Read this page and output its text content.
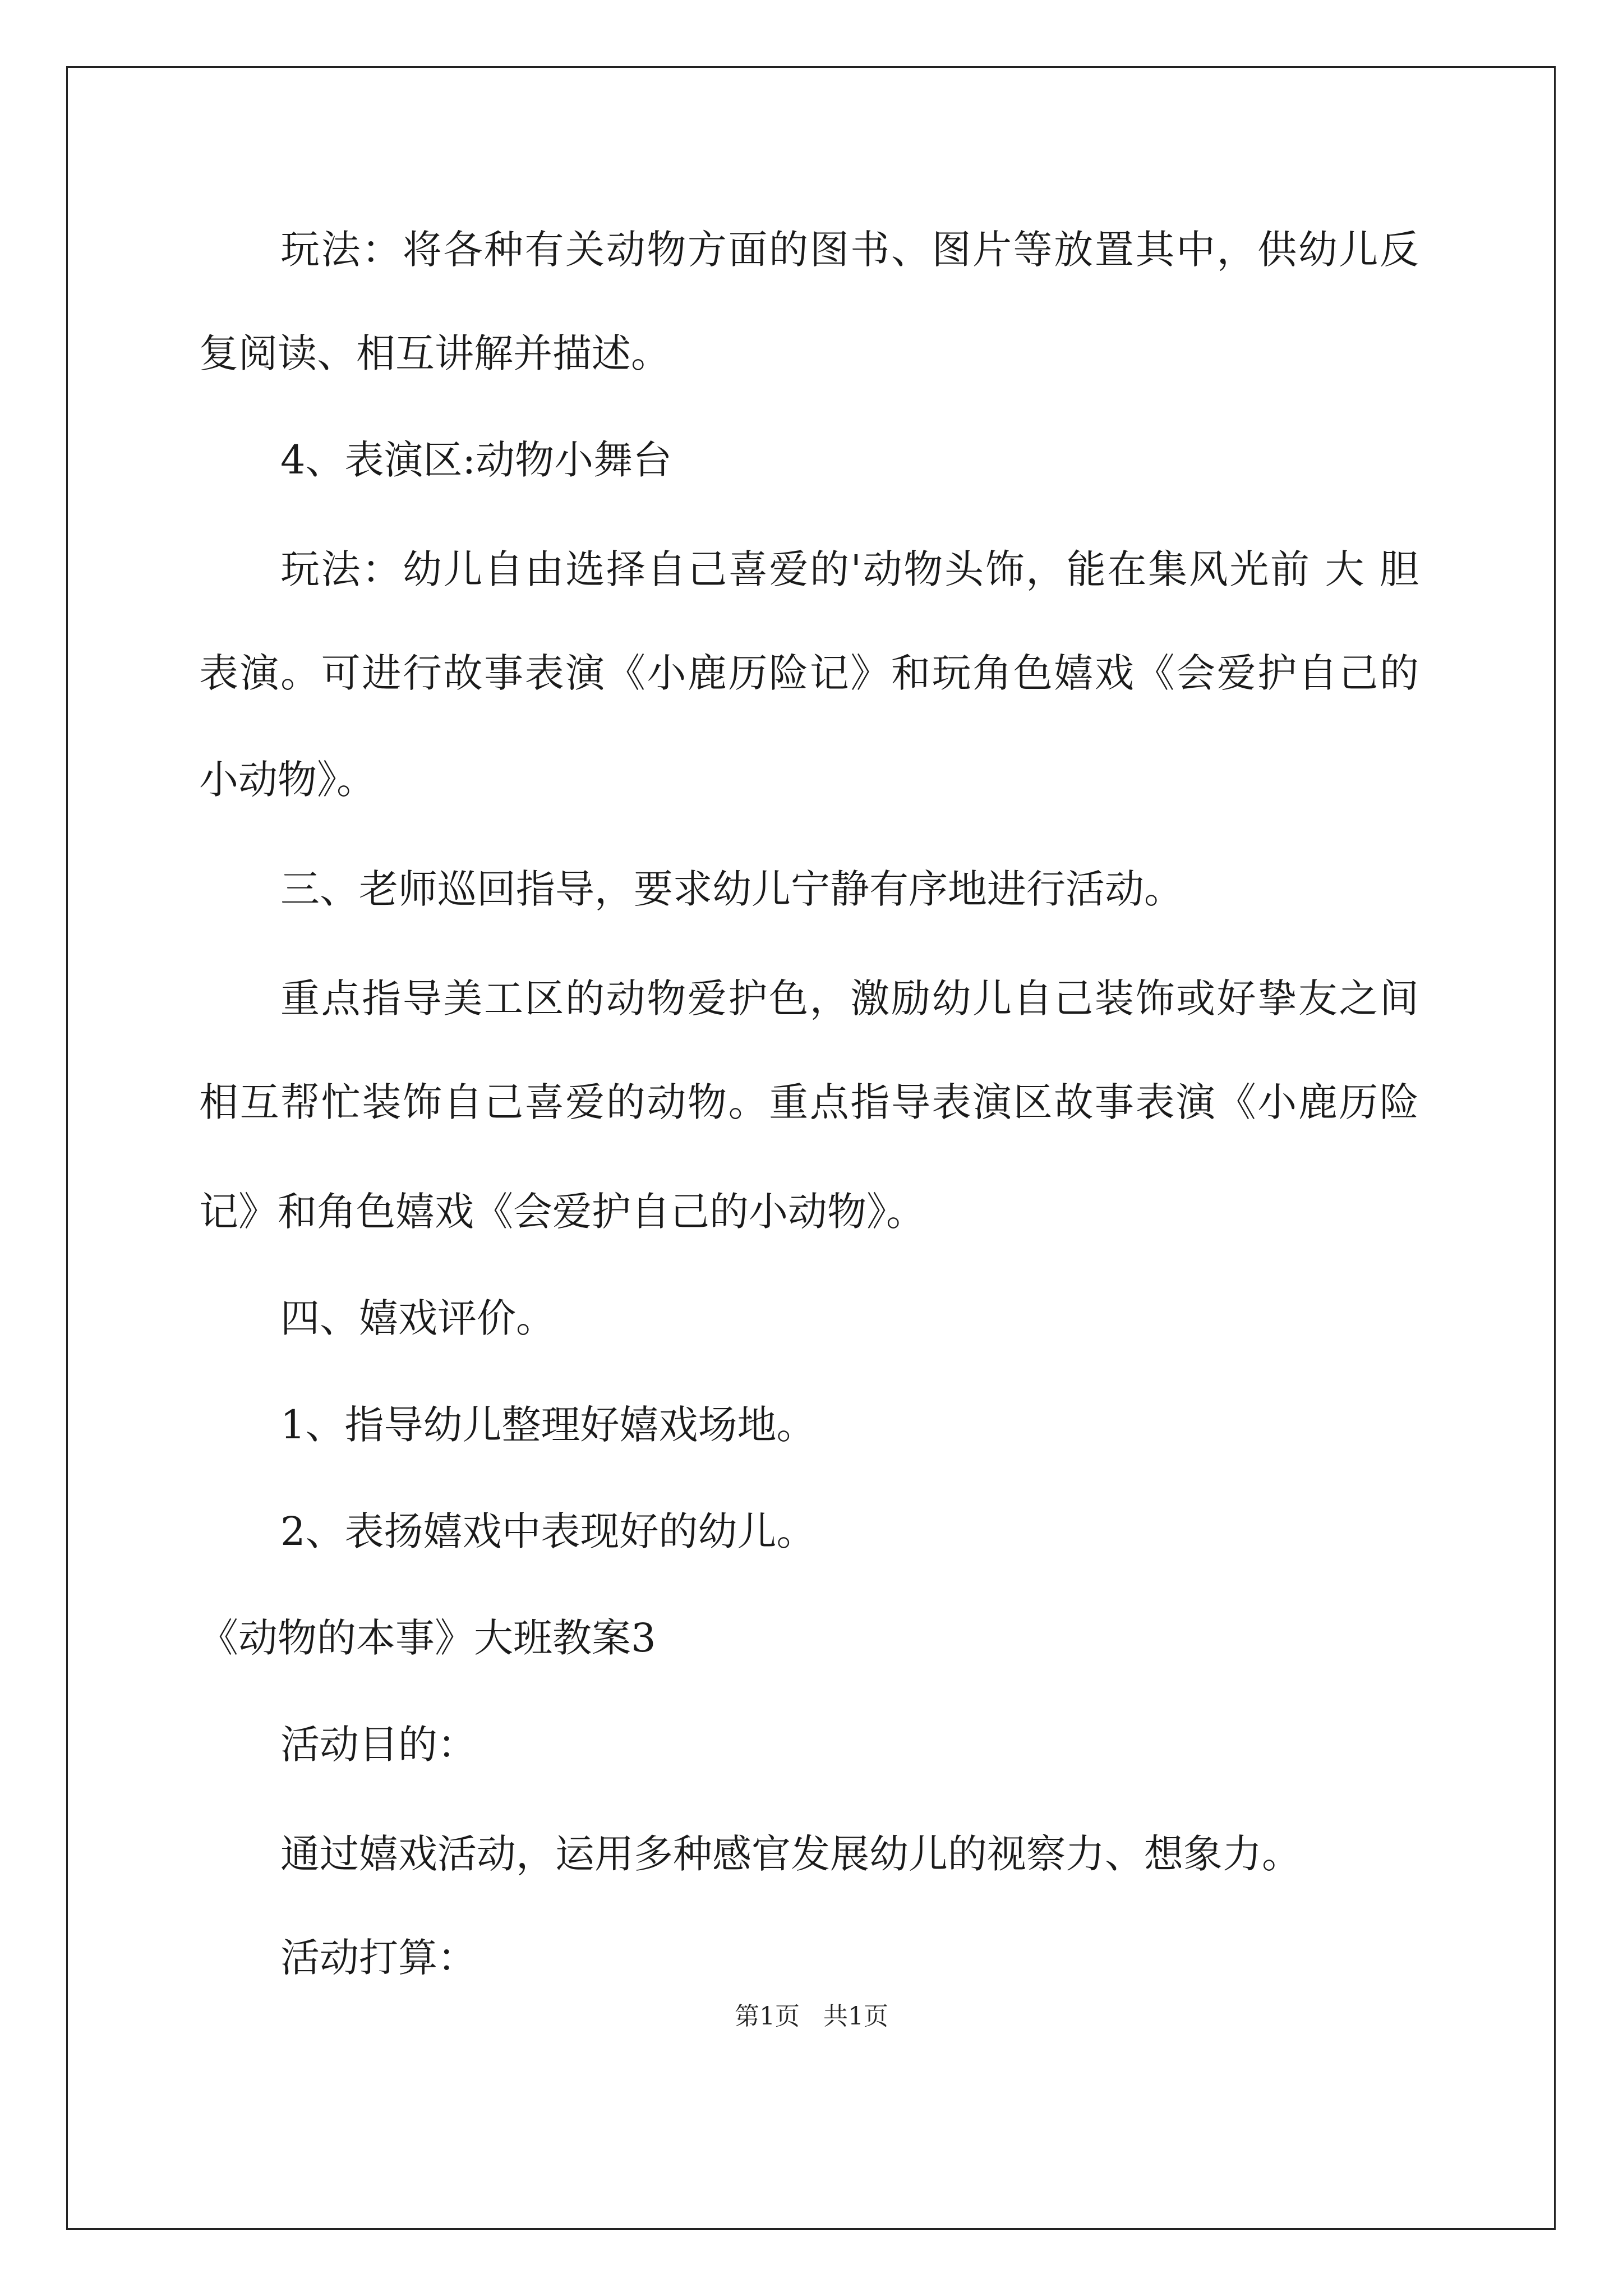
玩法：将各种有关动物方面的图书、图片等放置其中，供幼儿反
复阅读、相互讲解并描述。
4、表演区:动物小舞台
玩法：幼儿自由选择自己喜爱的'动物头饰，能在集风光前 大 胆
表演。可进行故事表演《小鹿历险记》和玩角色嬉戏《会爱护自己的
小动物》。
三、老师巡回指导，要求幼儿宁静有序地进行活动。
重点指导美工区的动物爱护色，激励幼儿自己装饰或好挚友之间
相互帮忙装饰自己喜爱的动物。重点指导表演区故事表演《小鹿历险
记》和角色嬉戏《会爱护自己的小动物》。
四、嬉戏评价。
1、指导幼儿整理好嬉戏场地。
2、表扬嬉戏中表现好的幼儿。
《动物的本事》大班教案3
活动目的：
通过嬉戏活动，运用多种感官发展幼儿的视察力、想象力。
活动打算：
第1页   共1页
